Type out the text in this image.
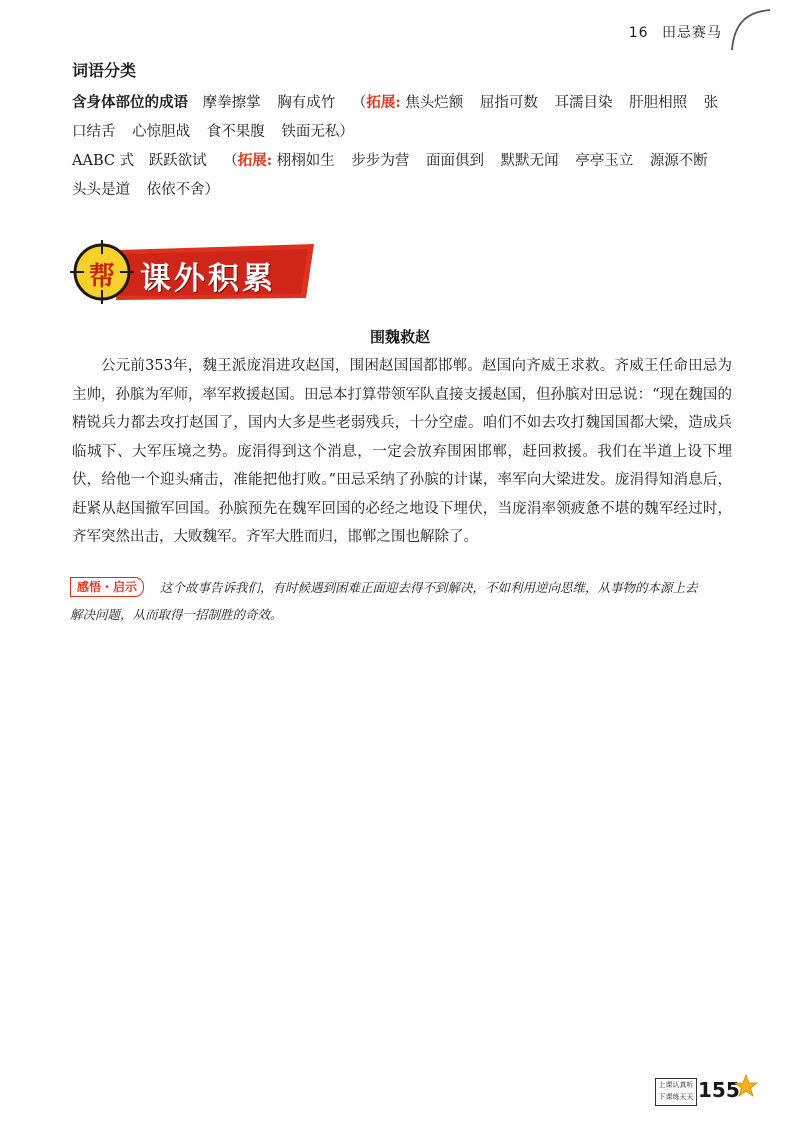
16 田忌赛马
词语分类
含身体部位的成语 摩拳擦掌 胸有成竹 （拓展: 焦头烂额 屈指可数 耳濡目染 肝胆相照 张口结舌 心惊胆战 食不果腹 铁面无私）
AABC 式 跃跃欲试 （拓展: 栩栩如生 步步为营 面面俱到 默默无闻 亭亭玉立 源源不断 头头是道 依依不舍）
帮 课外积累
围魏救赵

公元前353年，魏王派庞涓进攻赵国，围困赵国国都邯郸。赵国向齐威王求救。齐威王任命田忌为主帅，孙膑为军师，率军救援赵国。田忌本打算带领军队直接支援赵国，但孙膑对田忌说：“现在魏国的精锐兵力都去攻打赵国了，国内大多是些老弱残兵，十分空虚。咱们不如去攻打魏国国都大梁，造成兵临城下、大军压境之势。庞涓得到这个消息，一定会放弃围困邯郸，赶回救援。我们在半道上设下埋伏，给他一个迎头痛击，准能把他打败。”田忌采纳了孙膑的计谋，率军向大梁进发。庞涓得知消息后，赶紧从赵国撤军回国。孙膑预先在魏军回国的必经之地设下埋伏，当庞涓率领疲惫不堪的魏军经过时，齐军突然出击，大败魏军。齐军大胜而归，邯郸之围也解除了。

感悟・启示	这个故事告诉我们，有时候遇到困难正面迎去得不到解决，不如利用逆向思维，从事物的本源上去
解决问题，从而取得一招制胜的奇效。
上课认真听
下课练天天 155
